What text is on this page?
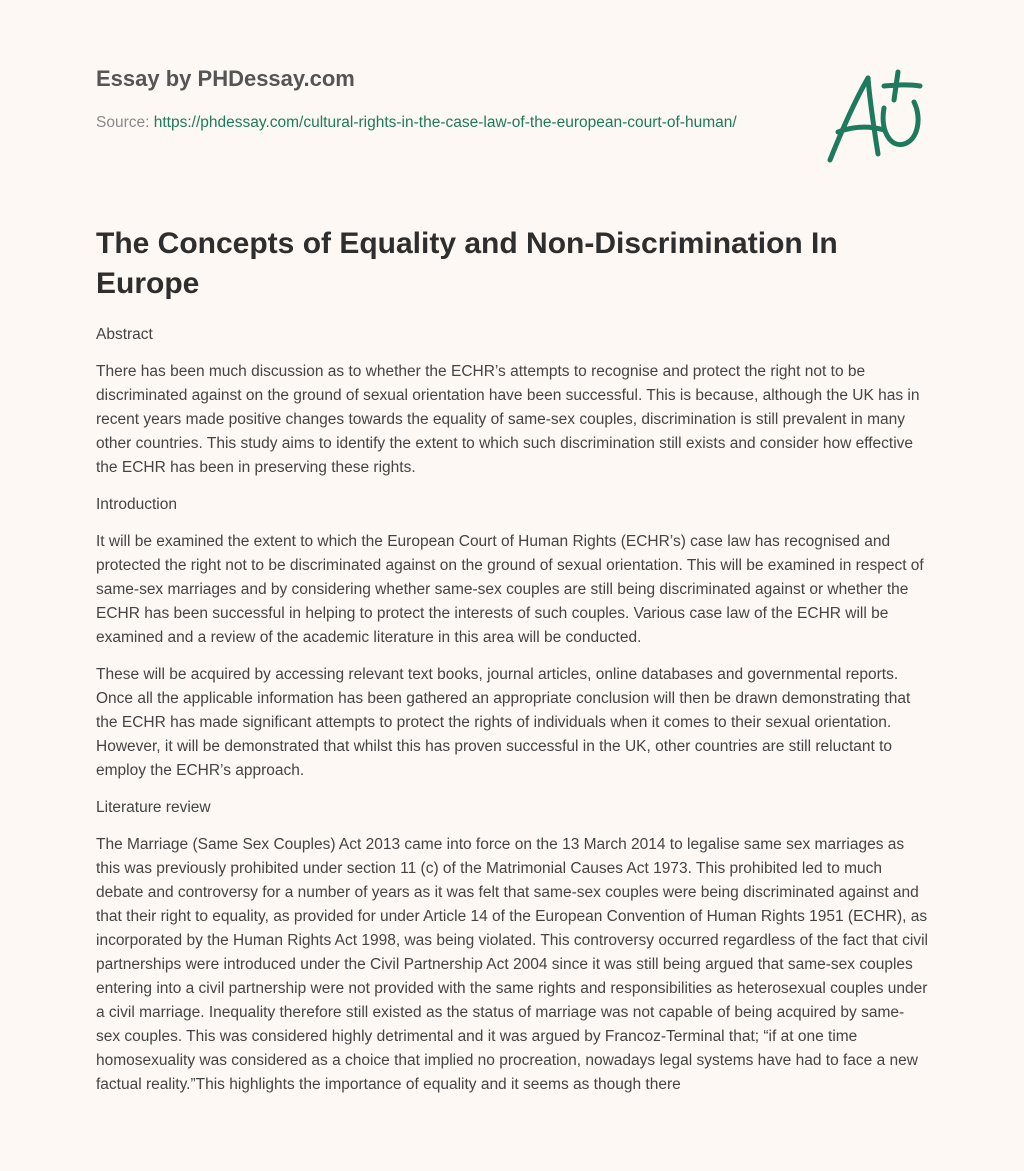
Essay by PHDessay.com
Source: https://phdessay.com/cultural-rights-in-the-case-law-of-the-european-court-of-human/
The Concepts of Equality and Non-Discrimination In Europe

Abstract

There has been much discussion as to whether the ECHR’s attempts to recognise and protect the right not to be discriminated against on the ground of sexual orientation have been successful. This is because, although the UK has in recent years made positive changes towards the equality of same-sex couples, discrimination is still prevalent in many other countries. This study aims to identify the extent to which such discrimination still exists and consider how effective the ECHR has been in preserving these rights.

Introduction

It will be examined the extent to which the European Court of Human Rights (ECHR’s) case law has recognised and protected the right not to be discriminated against on the ground of sexual orientation. This will be examined in respect of same-sex marriages and by considering whether same-sex couples are still being discriminated against or whether the ECHR has been successful in helping to protect the interests of such couples. Various case law of the ECHR will be examined and a review of the academic literature in this area will be conducted.

These will be acquired by accessing relevant text books, journal articles, online databases and governmental reports. Once all the applicable information has been gathered an appropriate conclusion will then be drawn demonstrating that the ECHR has made significant attempts to protect the rights of individuals when it comes to their sexual orientation. However, it will be demonstrated that whilst this has proven successful in the UK, other countries are still reluctant to employ the ECHR’s approach.

Literature review

The Marriage (Same Sex Couples) Act 2013 came into force on the 13 March 2014 to legalise same sex marriages as this was previously prohibited under section 11 (c) of the Matrimonial Causes Act 1973. This prohibited led to much debate and controversy for a number of years as it was felt that same-sex couples were being discriminated against and that their right to equality, as provided for under Article 14 of the European Convention of Human Rights 1951 (ECHR), as incorporated by the Human Rights Act 1998, was being violated. This controversy occurred regardless of the fact that civil partnerships were introduced under the Civil Partnership Act 2004 since it was still being argued that same-sex couples entering into a civil partnership were not provided with the same rights and responsibilities as heterosexual couples under a civil marriage. Inequality therefore still existed as the status of marriage was not capable of being acquired by same-sex couples. This was considered highly detrimental and it was argued by Francoz-Terminal that; “if at one time homosexuality was considered as a choice that implied no procreation, nowadays legal systems have had to face a new factual reality.”This highlights the importance of equality and it seems as though there
